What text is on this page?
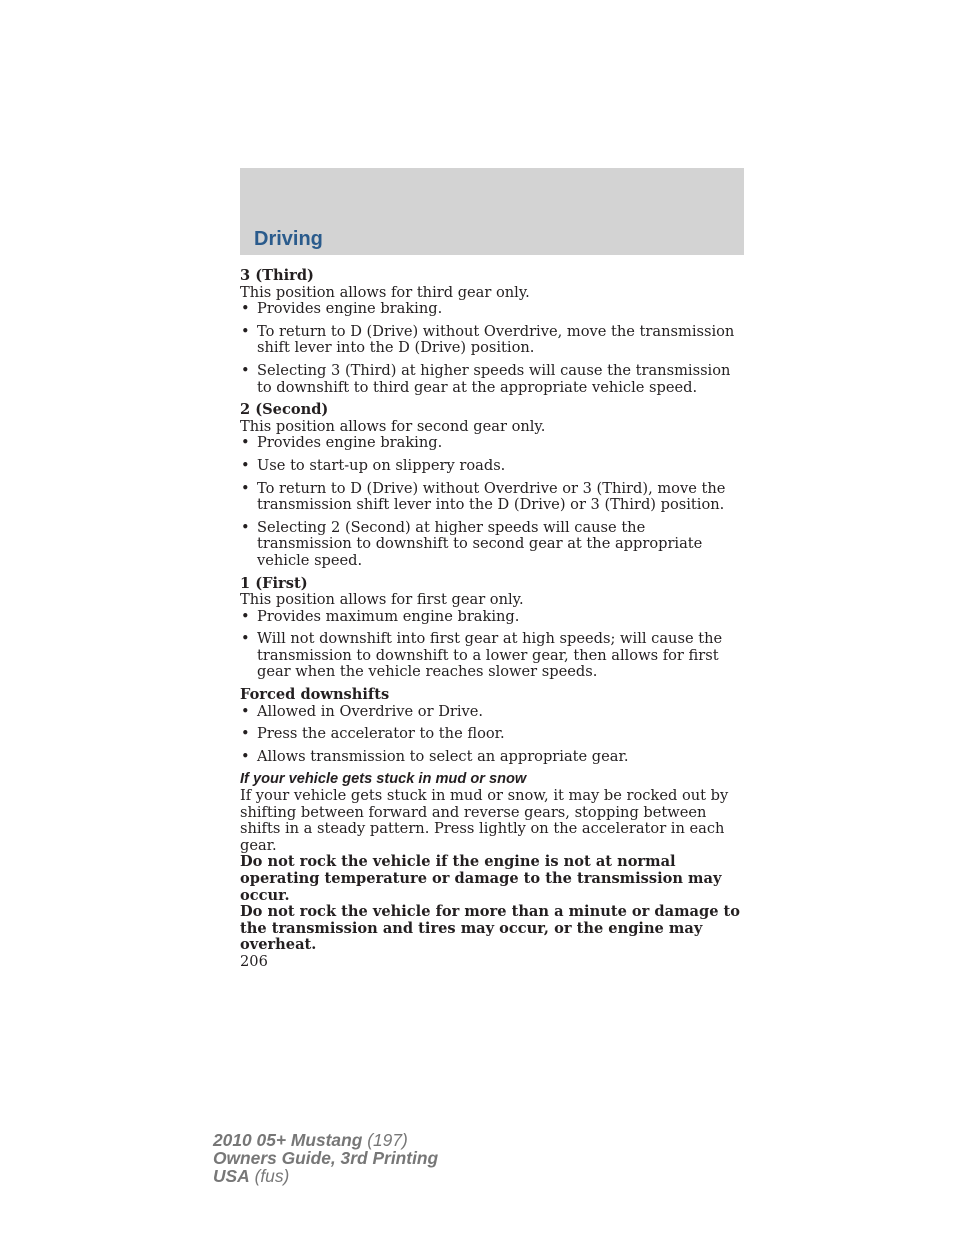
Driving

3 (Third)

This position allows for third gear only.

• Provides engine braking.
• To return to D (Drive) without Overdrive, move the transmission shift lever into the D (Drive) position.
• Selecting 3 (Third) at higher speeds will cause the transmission to downshift to third gear at the appropriate vehicle speed.

2 (Second)

This position allows for second gear only.

• Provides engine braking.
• Use to start-up on slippery roads.
• To return to D (Drive) without Overdrive or 3 (Third), move the transmission shift lever into the D (Drive) or 3 (Third) position.
• Selecting 2 (Second) at higher speeds will cause the transmission to downshift to second gear at the appropriate vehicle speed.

1 (First)

This position allows for first gear only.

• Provides maximum engine braking.
• Will not downshift into first gear at high speeds; will cause the transmission to downshift to a lower gear, then allows for first gear when the vehicle reaches slower speeds.

Forced downshifts

• Allowed in Overdrive or Drive.
• Press the accelerator to the floor.
• Allows transmission to select an appropriate gear.

If your vehicle gets stuck in mud or snow

If your vehicle gets stuck in mud or snow, it may be rocked out by shifting between forward and reverse gears, stopping between shifts in a steady pattern. Press lightly on the accelerator in each gear.

Do not rock the vehicle if the engine is not at normal operating temperature or damage to the transmission may occur.

Do not rock the vehicle for more than a minute or damage to the transmission and tires may occur, or the engine may overheat.

206

2010 05+ Mustang (197)
Owners Guide, 3rd Printing
USA (fus)
